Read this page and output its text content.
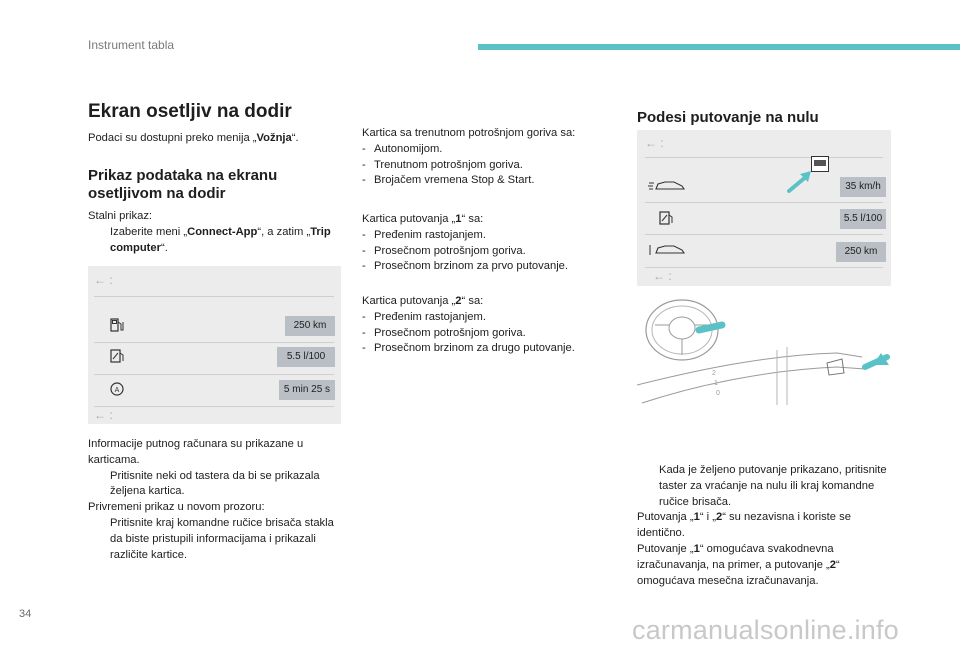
Instrument tabla
Ekran osetljiv na dodir
Podaci su dostupni preko menija „Vožnja“.
Prikaz podataka na ekranu
osetljivom na dodir

Stalni prikaz:

Izaberite meni „Connect-App“, a zatim „Trip computer“.

← :
250 km
5.5 l/100
A	5 min 25 s
← :

Informacije putnog računara su prikazane u karticama.

Pritisnite neki od tastera da bi se prikazala željena kartica.

Privremeni prikaz u novom prozoru:

Pritisnite kraj komandne ručice brisača stakla da biste pristupili informacijama i prikazali različite kartice.

Kartica sa trenutnom potrošnjom goriva sa:

- Autonomijom.

- Trenutnom potrošnjom goriva.

- Brojačem vremena Stop & Start.

Kartica putovanja „1“ sa:

- Pređenim rastojanjem.

- Prosečnom potrošnjom goriva.

- Prosečnom brzinom za prvo putovanje.

Kartica putovanja „2“ sa:

- Pređenim rastojanjem.

- Prosečnom potrošnjom goriva.

- Prosečnom brzinom za drugo putovanje.

Podesi putovanje na nulu
← :
35 km/h
5.5 l/100
250 km
← :
2
1
0

Kada je željeno putovanje prikazano, pritisnite taster za vraćanje na nulu ili kraj komandne ručice brisača.

Putovanja „1“ i „2“ su nezavisna i koriste se identično.

Putovanje „1“ omogućava svakodnevna izračunavanja, na primer, a putovanje „2“ omogućava mesečna izračunavanja.

34
carmanualsonline.info
